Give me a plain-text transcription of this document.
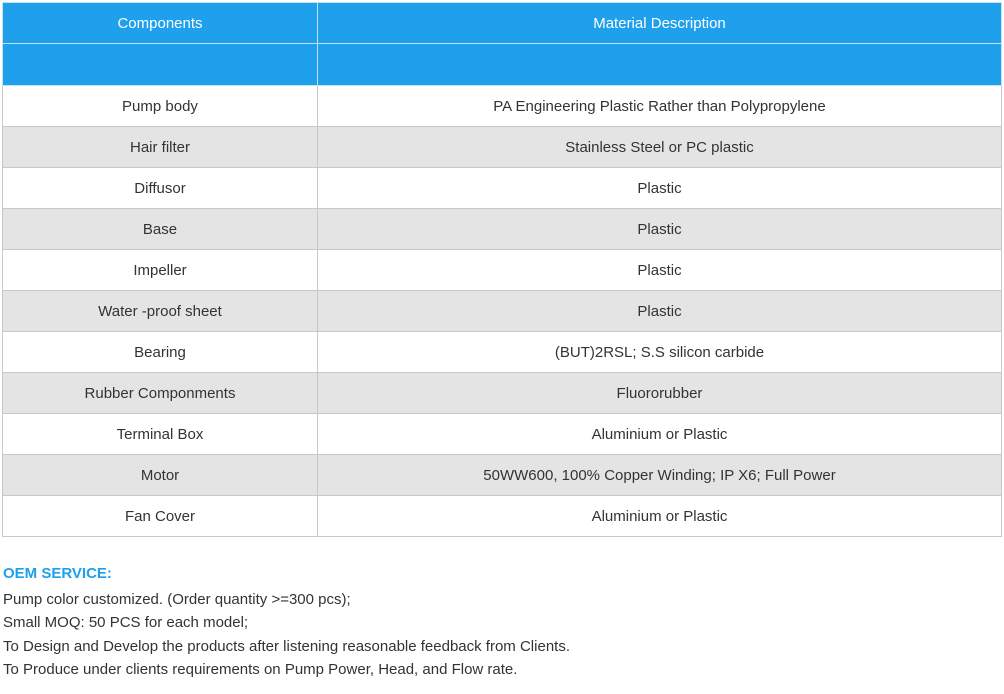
Components	Material Description

Pump body	PA Engineering Plastic Rather than Polypropylene
Hair filter	Stainless Steel or PC plastic
Diffusor	Plastic
Base	Plastic
Impeller	Plastic
Water -proof sheet	Plastic
Bearing	(BUT)2RSL; S.S silicon carbide
Rubber Componments	Fluororubber
Terminal Box	Aluminium or Plastic
Motor	50WW600, 100% Copper Winding; IP X6; Full Power
Fan Cover	Aluminium or Plastic
OEM SERVICE:
Pump color customized. (Order quantity >=300 pcs);
Small MOQ: 50 PCS for each model;
To Design and Develop the products after listening reasonable feedback from Clients.
To Produce under clients requirements on Pump Power, Head, and Flow rate.
